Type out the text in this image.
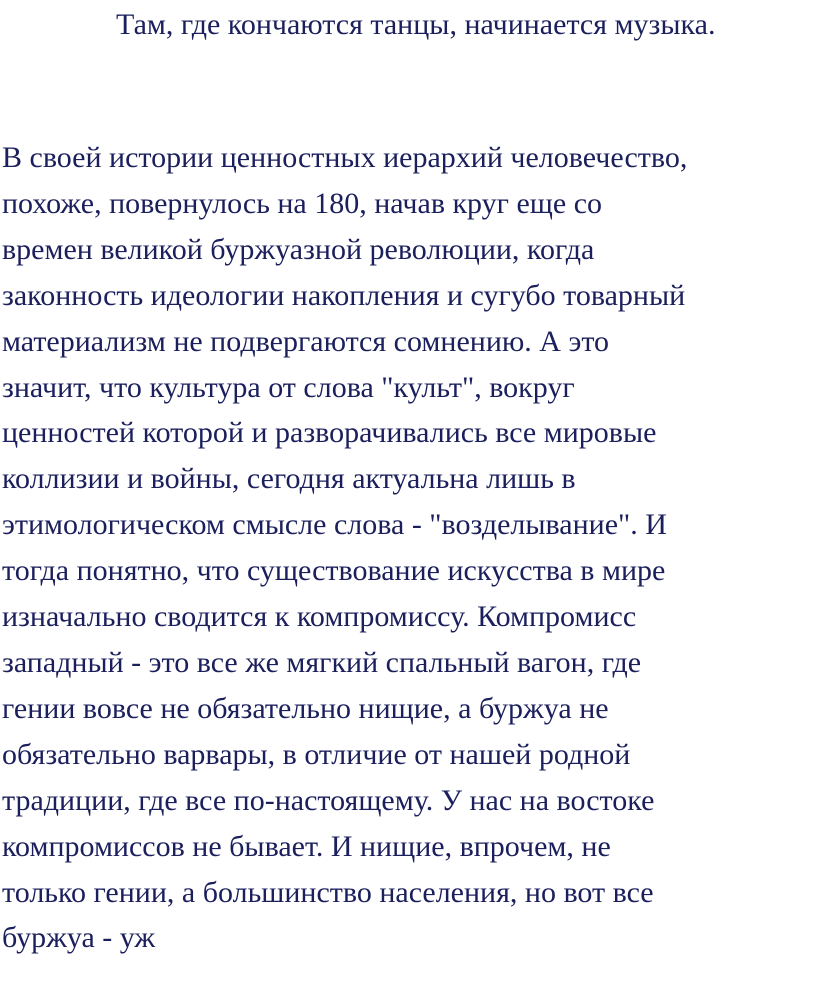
Там, где кончаются танцы, начинается музыка.
В своей истории ценностных иерархий человечество,
похоже, повернулось на 180, начав круг еще со
времен великой буржуазной революции, когда
законность идеологии накопления и сугубо товарный
материализм не подвергаются сомнению. А это
значит, что культура от слова "культ", вокруг
ценностей которой и разворачивались все мировые
коллизии и войны, сегодня актуальна лишь в
этимологическом смысле слова - "возделывание". И
тогда понятно, что существование искусства в мире
изначально сводится к компромиссу. Компромисс
западный - это все же мягкий спальный вагон, где
гении вовсе не обязательно нищие, а буржуа не
обязательно варвары, в отличие от нашей родной
традиции, где все по-настоящему. У нас на востоке
компромиссов не бывает. И нищие, впрочем, не
только гении, а большинство населения, но вот все
буржуа - уж
